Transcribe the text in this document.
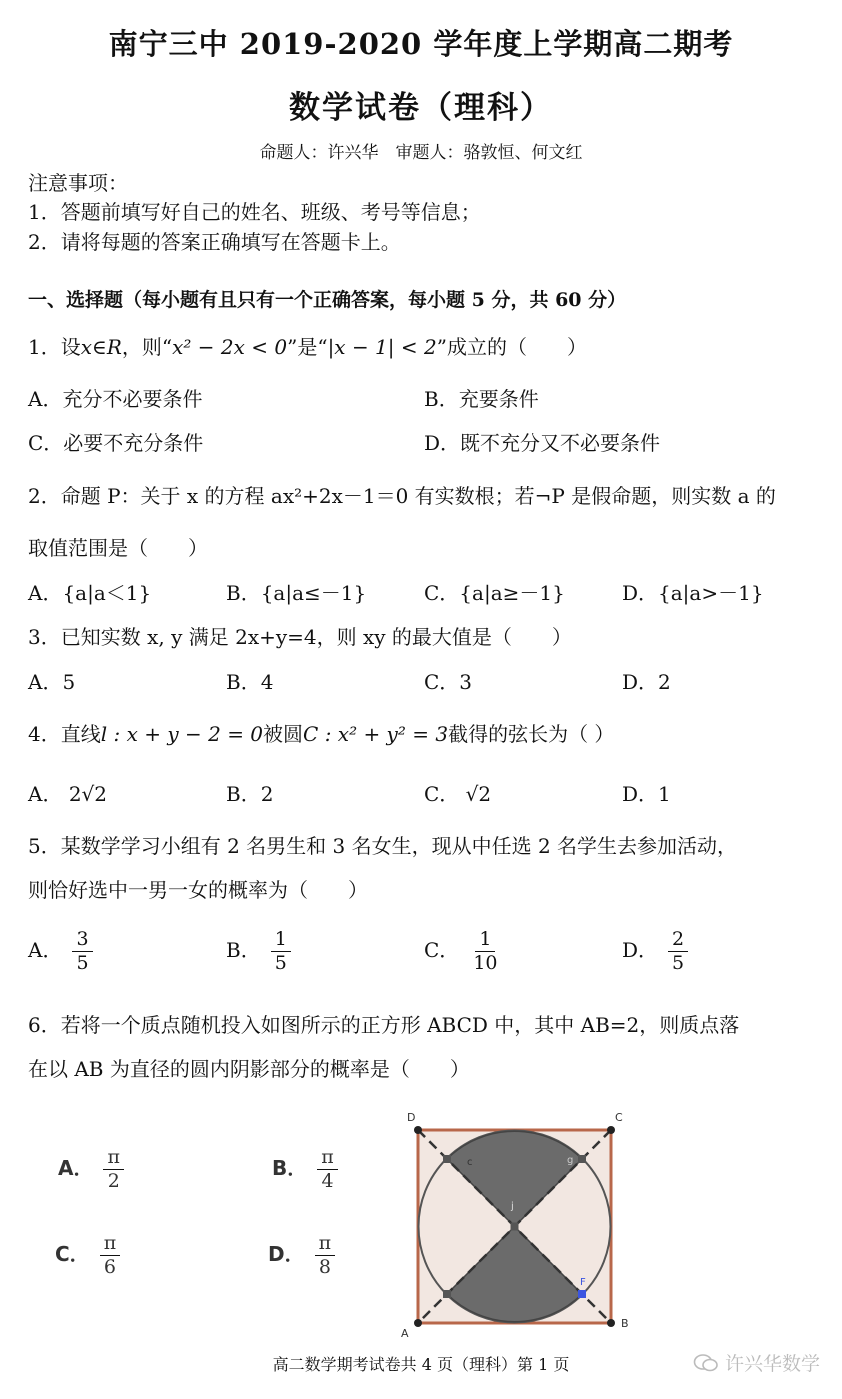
南宁三中 2019-2020 学年度上学期高二期考
数学试卷（理科）
命题人：许兴华　审题人：骆敦恒、何文红
注意事项：
1．答题前填写好自己的姓名、班级、考号等信息；
2．请将每题的答案正确填写在答题卡上。
一、选择题（每小题有且只有一个正确答案，每小题 5 分，共 60 分）
1．设x∈R，则“x² − 2x < 0”是“|x − 1| < 2”成立的（　　）
A．充分不必要条件	B．充要条件
C．必要不充分条件	D．既不充分又不必要条件
2．命题 P：关于 x 的方程 ax²+2x－1＝0 有实数根；若¬P 是假命题，则实数 a 的
取值范围是（　　）
A．{a|a＜1}	B．{a|a≤－1}	C．{a|a≥－1}	D．{a|a>－1}
3．已知实数 x, y 满足 2x+y=4，则 xy 的最大值是（　　）
A．5	B．4	C．3	D．2
4．直线l : x + y − 2 = 0被圆C : x² + y² = 3截得的弦长为（ ）
A． 2√2	B．2	C． √2	D．1
5．某数学学习小组有 2 名男生和 3 名女生，现从中任选 2 名学生去参加活动，
则恰好选中一男一女的概率为（　　）
A． $\frac{3}{5}$	B． $\frac{1}{5}$	C． $\frac{1}{10}$	D． $\frac{2}{5}$
6．若将一个质点随机投入如图所示的正方形 ABCD 中，其中 AB=2，则质点落
在以 AB 为直径的圆内阴影部分的概率是（　　）
A． $\frac{\pi}{2}$	B． $\frac{\pi}{4}$
C． $\frac{\pi}{6}$	D． $\frac{\pi}{8}$
D	C
A
B
c	g
F
j
高二数学期考试卷共 4 页（理科）第 1 页	许兴华数学
